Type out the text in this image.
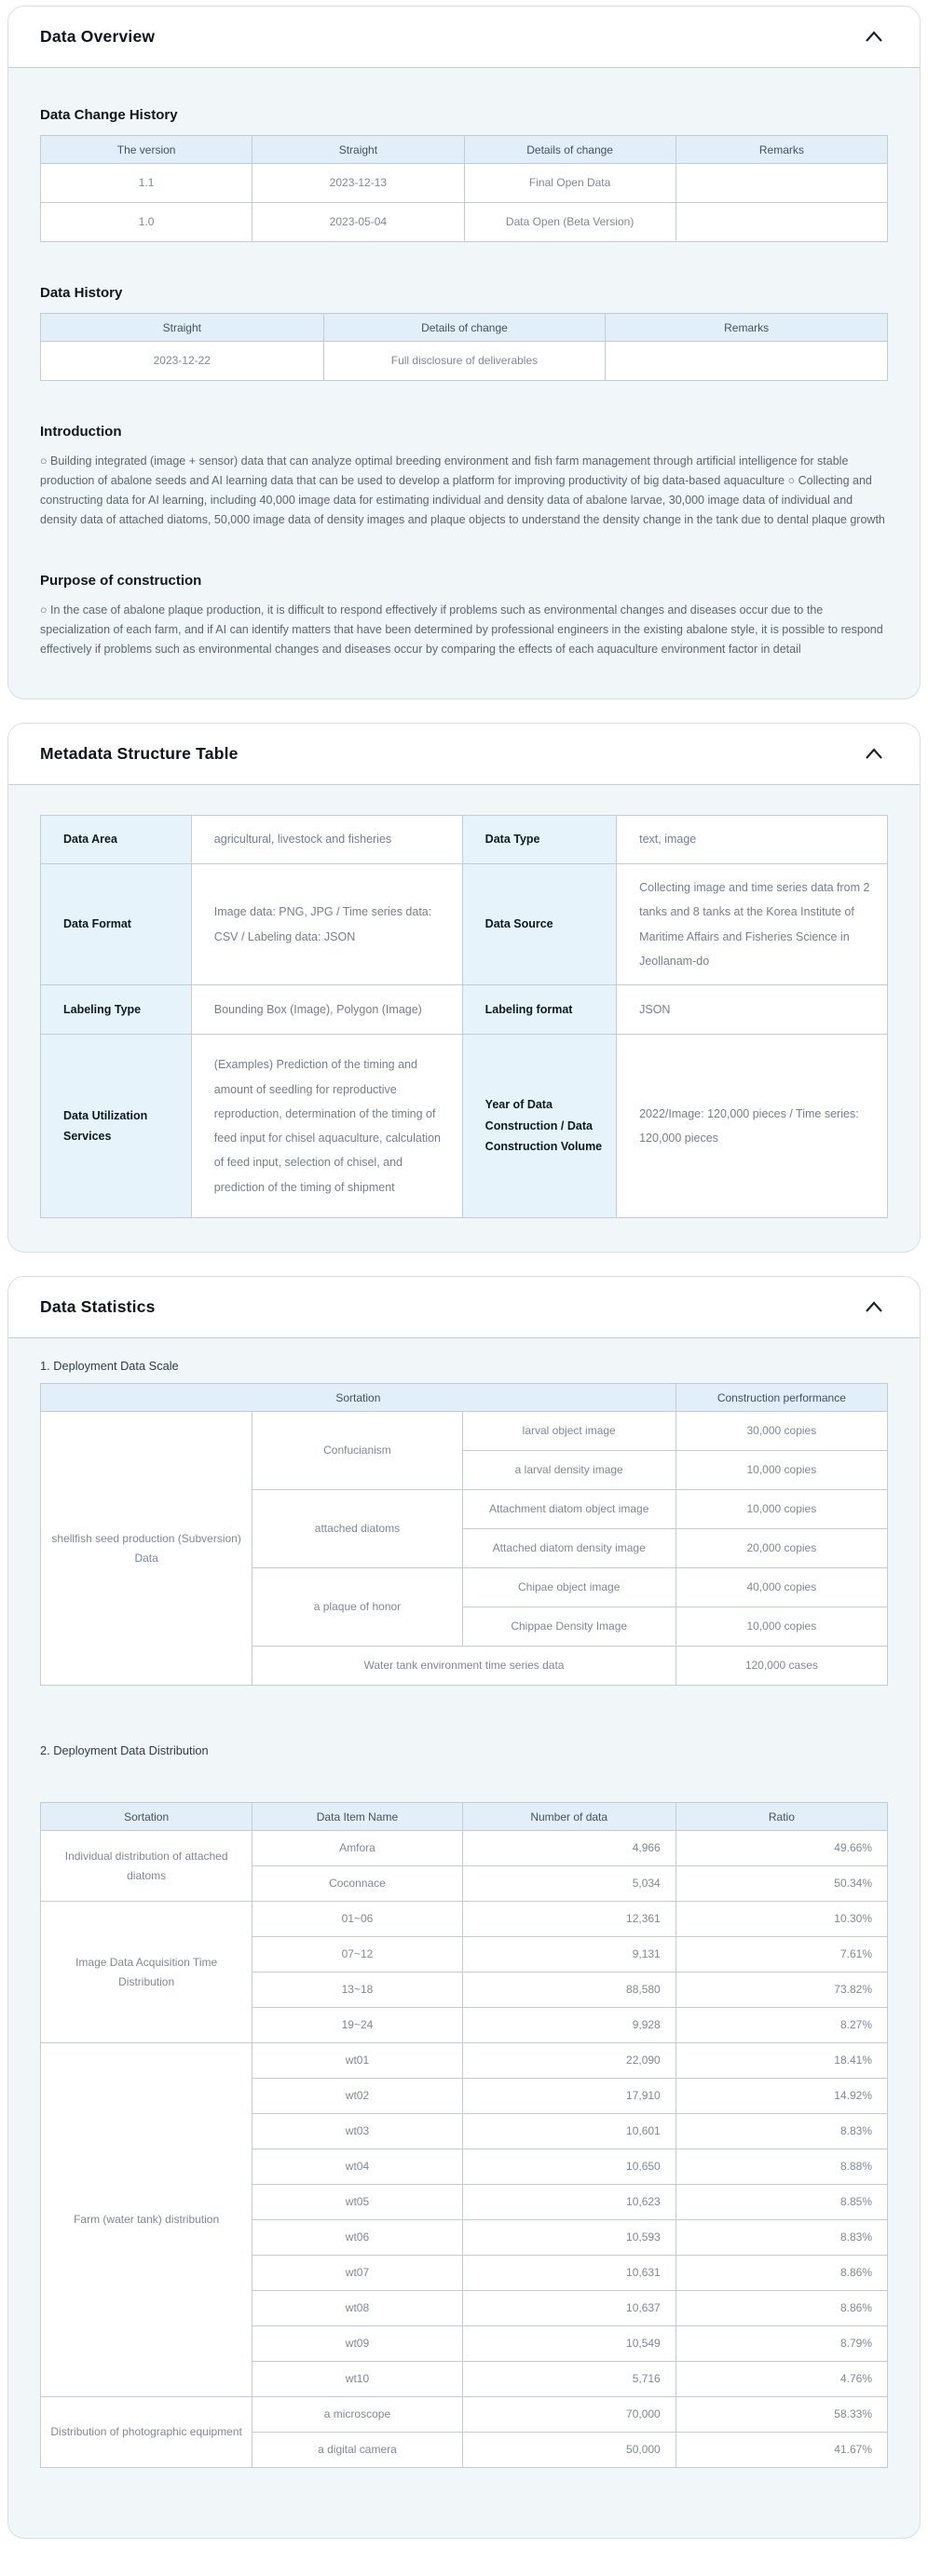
Data Overview
Data Change History
The version	Straight	Details of change	Remarks
1.1	2023-12-13	Final Open Data	
1.0	2023-05-04	Data Open (Beta Version)	
Data History
Straight	Details of change	Remarks
2023-12-22	Full disclosure of deliverables	
Introduction

○ Building integrated (image + sensor) data that can analyze optimal breeding environment and fish farm management through artificial intelligence for stable production of abalone seeds and AI learning data that can be used to develop a platform for improving productivity of big data-based aquaculture ○ Collecting and constructing data for AI learning, including 40,000 image data for estimating individual and density data of abalone larvae, 30,000 image data of individual and density data of attached diatoms, 50,000 image data of density images and plaque objects to understand the density change in the tank due to dental plaque growth

Purpose of construction

○ In the case of abalone plaque production, it is difficult to respond effectively if problems such as environmental changes and diseases occur due to the specialization of each farm, and if AI can identify matters that have been determined by professional engineers in the existing abalone style, it is possible to respond effectively if problems such as environmental changes and diseases occur by comparing the effects of each aquaculture environment factor in detail

Metadata Structure Table
Data Area	agricultural, livestock and fisheries	Data Type	text, image
Data Format	Image data: PNG, JPG / Time series data: CSV / Labeling data: JSON	Data Source	Collecting image and time series data from 2 tanks and 8 tanks at the Korea Institute of Maritime Affairs and Fisheries Science in Jeollanam-do
Labeling Type	Bounding Box (Image), Polygon (Image)	Labeling format	JSON
Data Utilization Services	(Examples) Prediction of the timing and amount of seedling for reproductive reproduction, determination of the timing of feed input for chisel aquaculture, calculation of feed input, selection of chisel, and prediction of the timing of shipment	Year of Data Construction / Data Construction Volume	2022/Image: 120,000 pieces / Time series: 120,000 pieces
Data Statistics
1. Deployment Data Scale
Sortation			Construction performance
shellfish seed production (Subversion) Data	Confucianism	larval object image	30,000 copies
		a larval density image	10,000 copies
	attached diatoms	Attachment diatom object image	10,000 copies
		Attached diatom density image	20,000 copies
	a plaque of honor	Chipae object image	40,000 copies
		Chippae Density Image	10,000 copies
	Water tank environment time series data		120,000 cases
2. Deployment Data Distribution
Sortation	Data Item Name	Number of data	Ratio
Individual distribution of attached diatoms	Amfora	4,966	49.66%
	Coconnace	5,034	50.34%
Image Data Acquisition Time Distribution	01~06	12,361	10.30%
	07~12	9,131	7.61%
	13~18	88,580	73.82%
	19~24	9,928	8.27%
Farm (water tank) distribution	wt01	22,090	18.41%
	wt02	17,910	14.92%
	wt03	10,601	8.83%
	wt04	10,650	8.88%
	wt05	10,623	8.85%
	wt06	10,593	8.83%
	wt07	10,631	8.86%
	wt08	10,637	8.86%
	wt09	10,549	8.79%
	wt10	5,716	4.76%
Distribution of photographic equipment	a microscope	70,000	58.33%
	a digital camera	50,000	41.67%
